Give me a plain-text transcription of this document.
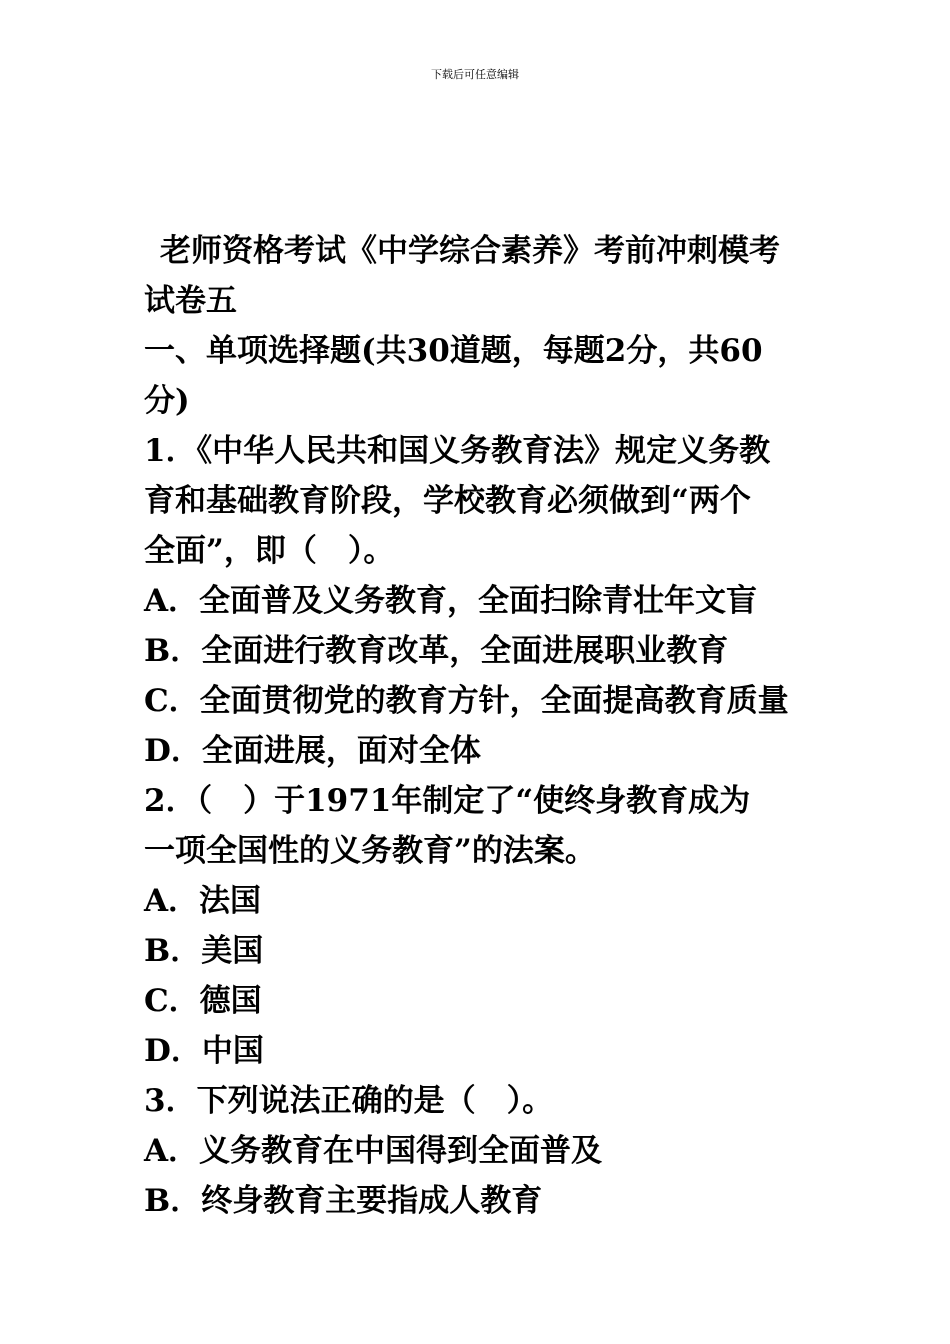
下载后可任意编辑
老师资格考试《中学综合素养》考前冲刺模考
试卷五
一、单项选择题(共30道题，每题2分，共60
分)
1．《中华人民共和国义务教育法》规定义务教
育和基础教育阶段，学校教育必须做到“两个
全面”，即（　）。
A．全面普及义务教育，全面扫除青壮年文盲
B．全面进行教育改革，全面进展职业教育
C．全面贯彻党的教育方针，全面提高教育质量
D．全面进展，面对全体
2．（　）于1971年制定了“使终身教育成为
一项全国性的义务教育”的法案。
A．法国
B．美国
C．德国
D．中国
3．下列说法正确的是（　）。
A．义务教育在中国得到全面普及
B．终身教育主要指成人教育
